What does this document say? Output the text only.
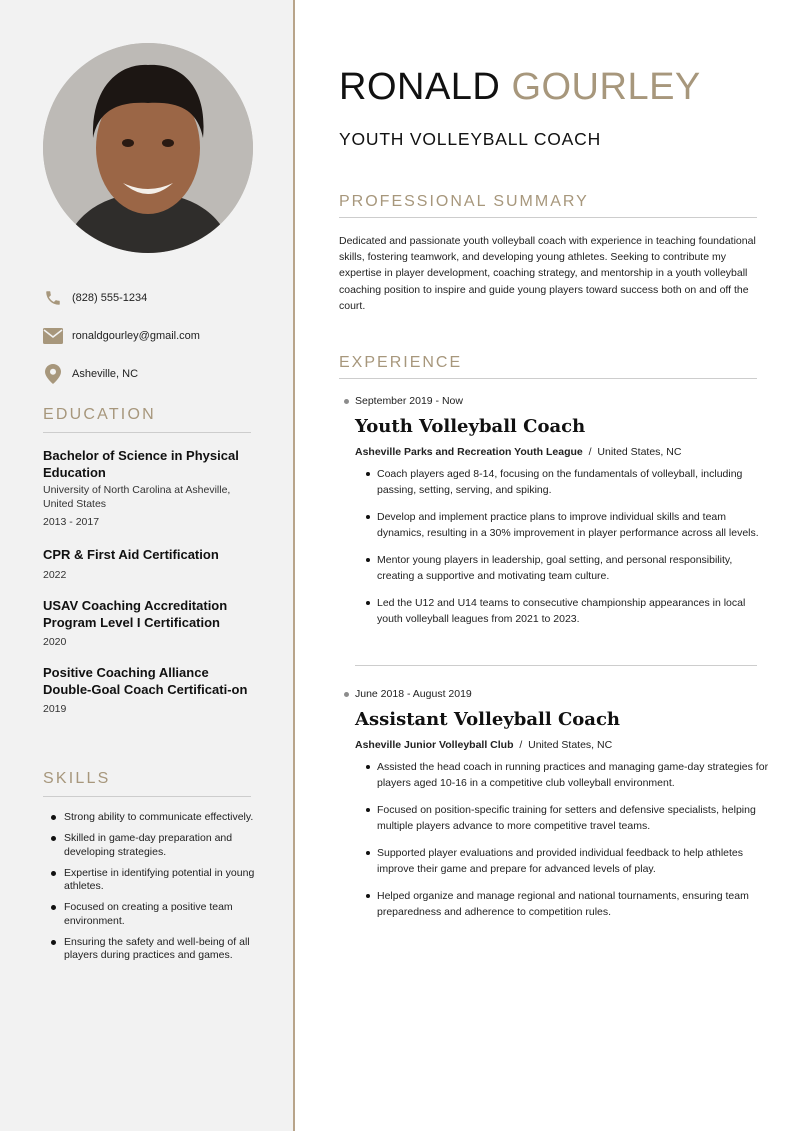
(828) 555-1234
ronaldgourley@gmail.com
Asheville, NC
EDUCATION
Bachelor of Science in Physical Education
University of North Carolina at Asheville, United States
2013 - 2017
CPR & First Aid Certification
2022
USAV Coaching Accreditation Program Level I Certification
2020
Positive Coaching Alliance Double-Goal Coach Certificati-on
2019
SKILLS
Strong ability to communicate effectively.
Skilled in game-day preparation and developing strategies.
Expertise in identifying potential in young athletes.
Focused on creating a positive team environment.
Ensuring the safety and well-being of all players during practices and games.
RONALD GOURLEY
YOUTH VOLLEYBALL COACH
PROFESSIONAL SUMMARY
Dedicated and passionate youth volleyball coach with experience in teaching foundational skills, fostering teamwork, and developing young athletes. Seeking to contribute my expertise in player development, coaching strategy, and mentorship in a youth volleyball coaching position to inspire and guide young players toward success both on and off the court.
EXPERIENCE
September 2019 - Now
Youth Volleyball Coach
Asheville Parks and Recreation Youth League / United States, NC
Coach players aged 8-14, focusing on the fundamentals of volleyball, including passing, setting, serving, and spiking.
Develop and implement practice plans to improve individual skills and team dynamics, resulting in a 30% improvement in player performance across all levels.
Mentor young players in leadership, goal setting, and personal responsibility, creating a supportive and motivating team culture.
Led the U12 and U14 teams to consecutive championship appearances in local youth volleyball leagues from 2021 to 2023.
June 2018 - August 2019
Assistant Volleyball Coach
Asheville Junior Volleyball Club / United States, NC
Assisted the head coach in running practices and managing game-day strategies for players aged 10-16 in a competitive club volleyball environment.
Focused on position-specific training for setters and defensive specialists, helping multiple players advance to more competitive travel teams.
Supported player evaluations and provided individual feedback to help athletes improve their game and prepare for advanced levels of play.
Helped organize and manage regional and national tournaments, ensuring team preparedness and adherence to competition rules.
